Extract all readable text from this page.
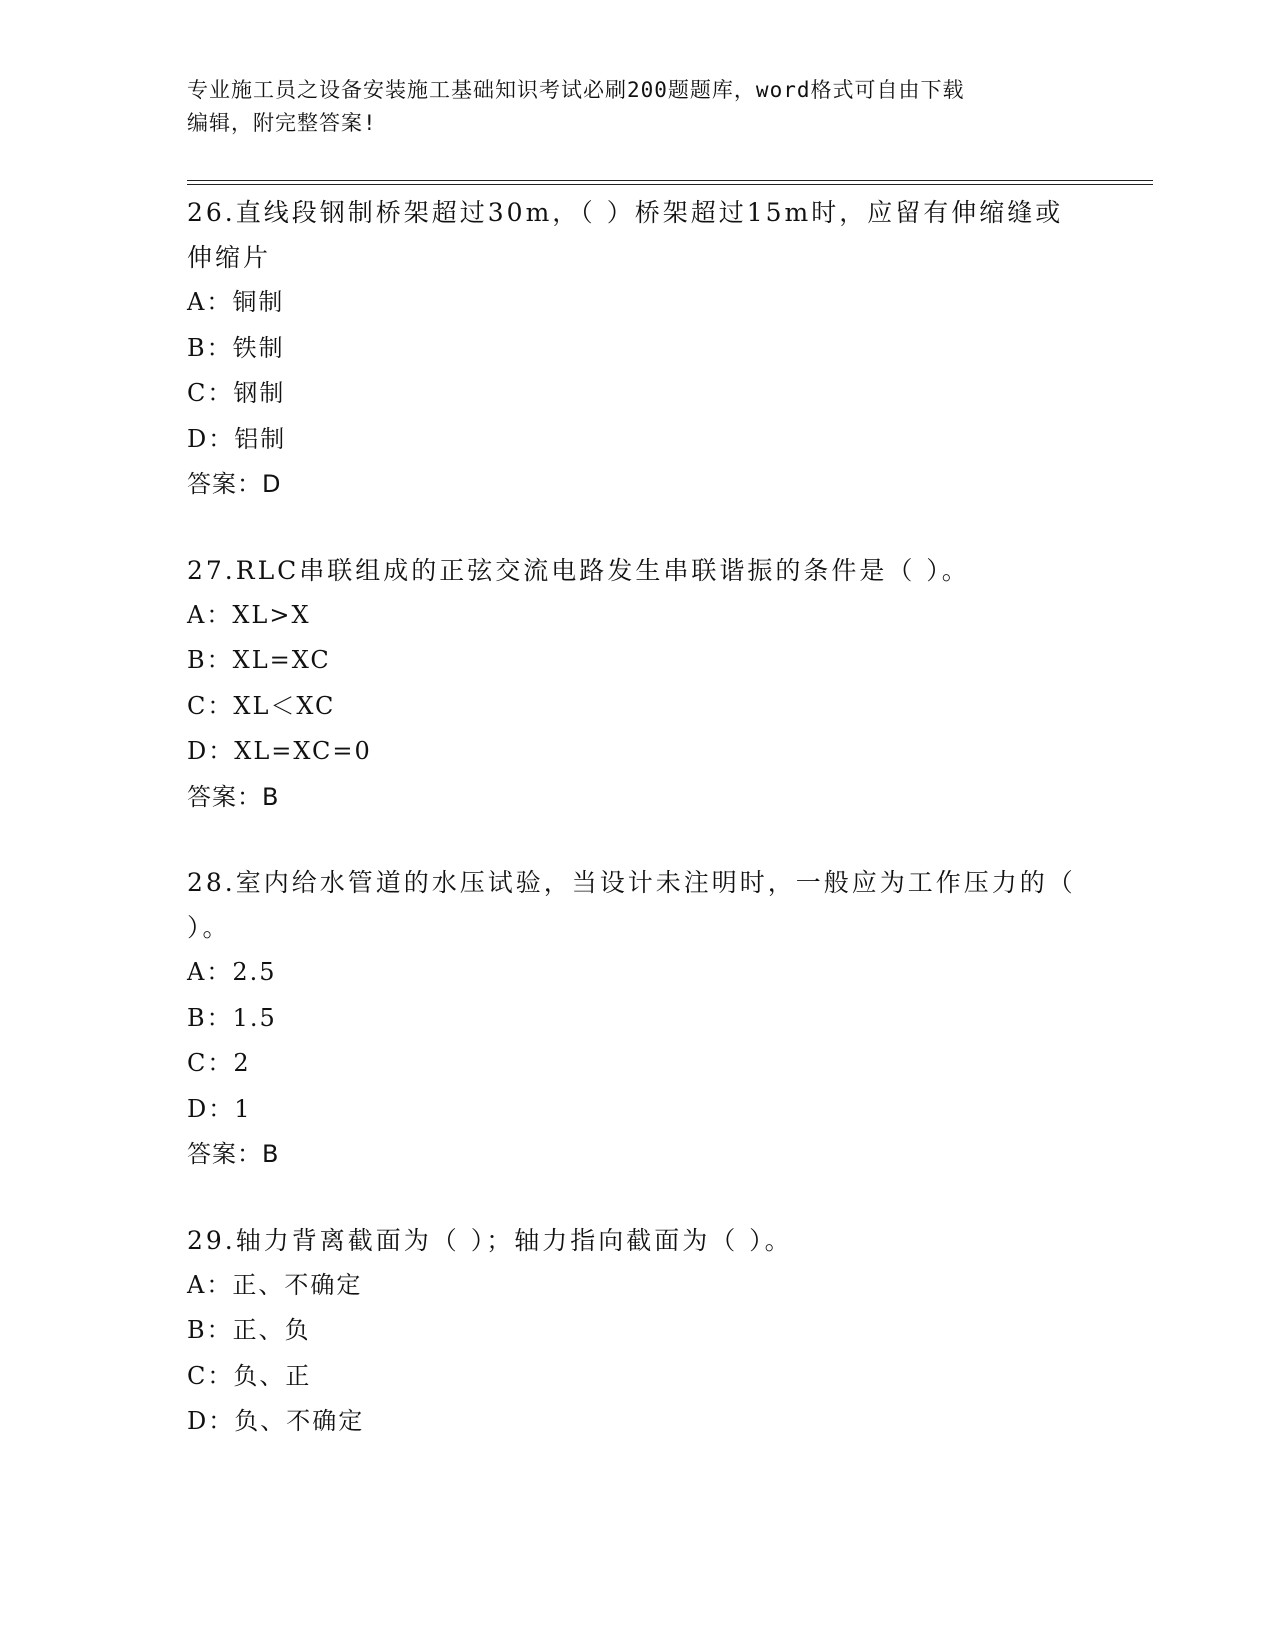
专业施工员之设备安装施工基础知识考试必刷200题题库，word格式可自由下载
编辑，附完整答案!
26.直线段钢制桥架超过30m，（ ）桥架超过15m时，应留有伸缩缝或伸缩片
A：铜制
B：铁制
C：钢制
D：铝制
答案：D
27.RLC串联组成的正弦交流电路发生串联谐振的条件是（ ）。
A：XL>X
B：XL=XC
C：XL＜XC
D：XL=XC=0
答案：B
28.室内给水管道的水压试验，当设计未注明时，一般应为工作压力的（ ）。
A：2.5
B：1.5
C：2
D：1
答案：B
29.轴力背离截面为（ ）；轴力指向截面为（ ）。
A：正、不确定
B：正、负
C：负、正
D：负、不确定
